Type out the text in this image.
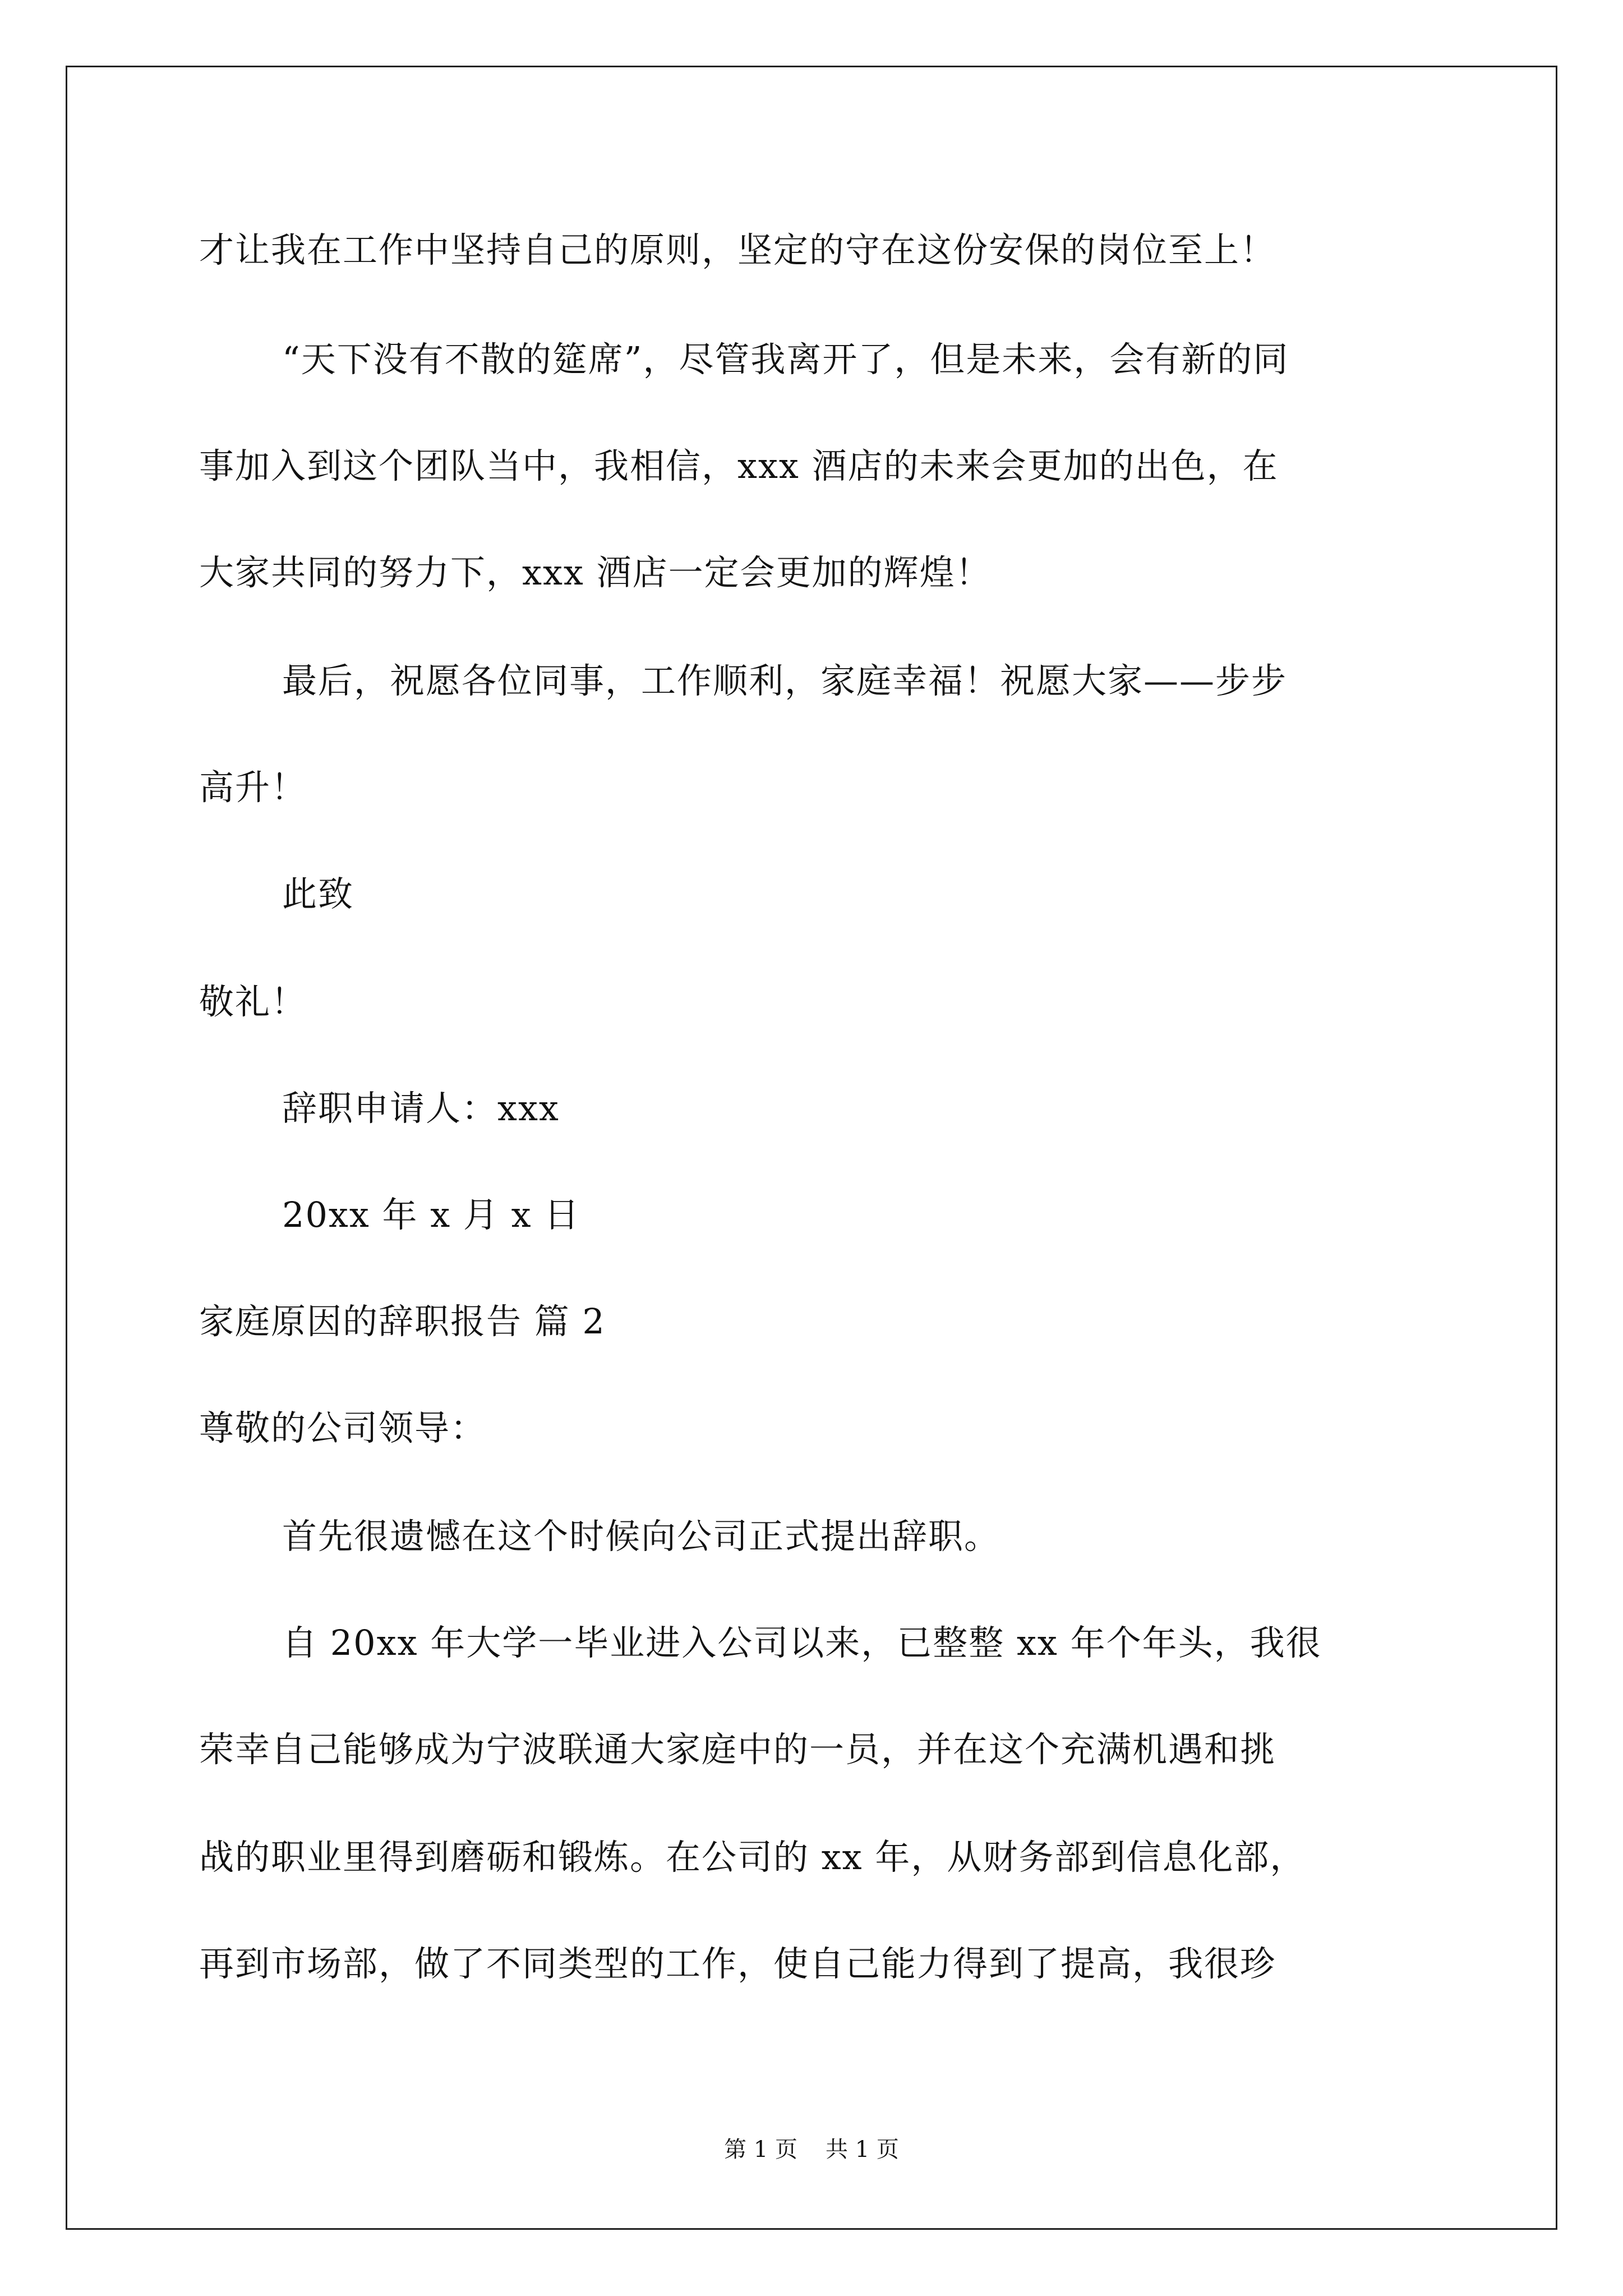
才让我在工作中坚持自己的原则，坚定的守在这份安保的岗位至上！
“天下没有不散的筵席”，尽管我离开了，但是未来，会有新的同
事加入到这个团队当中，我相信，xxx 酒店的未来会更加的出色，在
大家共同的努力下，xxx 酒店一定会更加的辉煌！
最后，祝愿各位同事，工作顺利，家庭幸福！祝愿大家——步步
高升！
此致
敬礼！
辞职申请人：xxx
20xx 年 x 月 x 日
家庭原因的辞职报告 篇 2
尊敬的公司领导：
首先很遗憾在这个时候向公司正式提出辞职。
自 20xx 年大学一毕业进入公司以来，已整整 xx 年个年头，我很
荣幸自己能够成为宁波联通大家庭中的一员，并在这个充满机遇和挑
战的职业里得到磨砺和锻炼。在公司的 xx 年，从财务部到信息化部，
再到市场部，做了不同类型的工作，使自己能力得到了提高，我很珍
第 1 页 共 1 页
